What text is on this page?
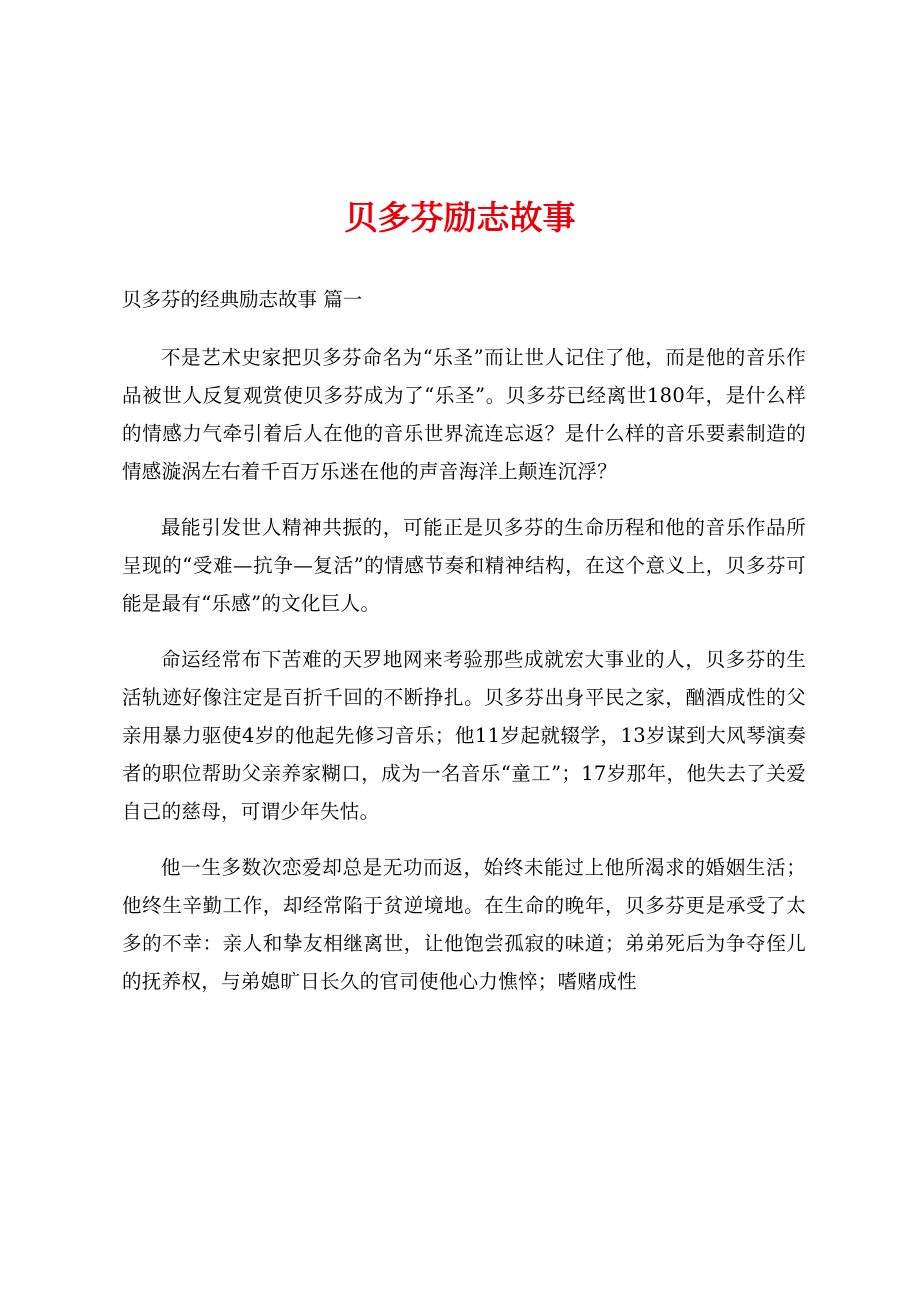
贝多芬励志故事

贝多芬的经典励志故事 篇一

不是艺术史家把贝多芬命名为“乐圣”而让世人记住了他，而是他的音乐作品被世人反复观赏使贝多芬成为了“乐圣”。贝多芬已经离世180年，是什么样的情感力气牵引着后人在他的音乐世界流连忘返？是什么样的音乐要素制造的情感漩涡左右着千百万乐迷在他的声音海洋上颠连沉浮？

最能引发世人精神共振的，可能正是贝多芬的生命历程和他的音乐作品所呈现的“受难—抗争—复活”的情感节奏和精神结构，在这个意义上，贝多芬可能是最有“乐感”的文化巨人。

命运经常布下苦难的天罗地网来考验那些成就宏大事业的人，贝多芬的生活轨迹好像注定是百折千回的不断挣扎。贝多芬出身平民之家，酗酒成性的父亲用暴力驱使4岁的他起先修习音乐；他11岁起就辍学，13岁谋到大风琴演奏者的职位帮助父亲养家糊口，成为一名音乐“童工”；17岁那年，他失去了关爱自己的慈母，可谓少年失怙。

他一生多数次恋爱却总是无功而返，始终未能过上他所渴求的婚姻生活；他终生辛勤工作，却经常陷于贫逆境地。在生命的晚年，贝多芬更是承受了太多的不幸：亲人和挚友相继离世，让他饱尝孤寂的味道；弟弟死后为争夺侄儿的抚养权，与弟媳旷日长久的官司使他心力憔悴；嗜赌成性
